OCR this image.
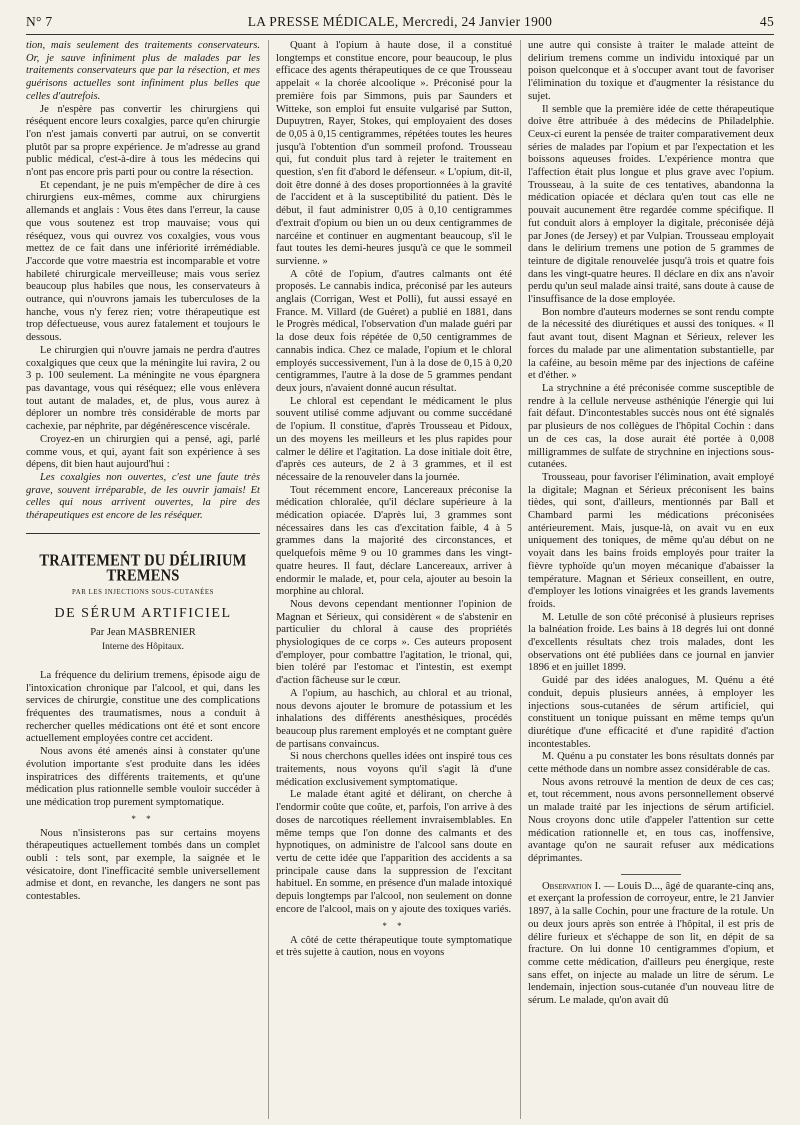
N° 7	LA PRESSE MÉDICALE, Mercredi, 24 Janvier 1900	45

tion, mais seulement des traitements conservateurs. Or, je sauve infiniment plus de malades par les traitements conservateurs que par la résection, et mes guérisons actuelles sont infiniment plus belles que celles d'autrefois.

Je n'espère pas convertir les chirurgiens qui réséquent encore leurs coxalgies, parce qu'en chirurgie l'on n'est jamais converti par autrui, on se convertit plutôt par sa propre expérience. Je m'adresse au grand public médical, c'est-à-dire à tous les médecins qui n'ont pas encore pris parti pour ou contre la résection.

Et cependant, je ne puis m'empêcher de dire à ces chirurgiens eux-mêmes, comme aux chirurgiens allemands et anglais : Vous êtes dans l'erreur, la cause que vous soutenez est trop mauvaise; vous qui réséquez, vous qui ouvrez vos coxalgies, vous vous mettez de ce fait dans une infériorité irrémédiable. J'accorde que votre maestria est incomparable et votre habileté chirurgicale merveilleuse; mais vous seriez beaucoup plus habiles que nous, les conservateurs à outrance, qui n'ouvrons jamais les tuberculoses de la hanche, vous n'y ferez rien; votre thérapeutique est trop défectueuse, vous aurez fatalement et toujours le dessous.

Le chirurgien qui n'ouvre jamais ne perdra d'autres coxalgiques que ceux que la méningite lui ravira, 2 ou 3 p. 100 seulement. La méningite ne vous épargnera pas davantage, vous qui réséquez; elle vous enlèvera tout autant de malades, et, de plus, vous aurez à déplorer un nombre très considérable de morts par cachexie, par néphrite, par dégénérescence viscérale.

Croyez-en un chirurgien qui a pensé, agi, parlé comme vous, et qui, ayant fait son expérience à ses dépens, dit bien haut aujourd'hui :

Les coxalgies non ouvertes, c'est une faute très grave, souvent irréparable, de les ouvrir jamais! Et celles qui nous arrivent ouvertes, la pire des thérapeutiques est encore de les réséquer.

TRAITEMENT DU DÉLIRIUM TREMENS
PAR LES INJECTIONS SOUS-CUTANÉES
DE SÉRUM ARTIFICIEL
Par Jean MASBRENIER
Interne des Hôpitaux.

La fréquence du delirium tremens, épisode aigu de l'intoxication chronique par l'alcool, et qui, dans les services de chirurgie, constitue une des complications fréquentes des traumatismes, nous a conduit à rechercher quelles médications ont été et sont encore actuellement employées contre cet accident.

Nous avons été amenés ainsi à constater qu'une évolution importante s'est produite dans les idées inspiratrices des différents traitements, et qu'une médication plus rationnelle semble vouloir succéder à une médication trop purement symptomatique.

* *

Nous n'insisterons pas sur certains moyens thérapeutiques actuellement tombés dans un complet oubli : tels sont, par exemple, la saignée et le vésicatoire, dont l'inefficacité semble universellement admise et dont, en revanche, les dangers ne sont pas contestables.

Quant à l'opium à haute dose, il a constitué longtemps et constitue encore, pour beaucoup, le plus efficace des agents thérapeutiques de ce que Trousseau appelait « la chorée alcoolique ». Préconisé pour la première fois par Simmons, puis par Saunders et Witteke, son emploi fut ensuite vulgarisé par Sutton, Dupuytren, Rayer, Stokes, qui employaient des doses de 0,05 à 0,15 centigrammes, répétées toutes les heures jusqu'à l'obtention d'un sommeil profond. Trousseau qui, fut conduit plus tard à rejeter le traitement en question, s'en fit d'abord le défenseur. « L'opium, dit-il, doit être donné à des doses proportionnées à la gravité de l'accident et à la susceptibilité du patient. Dès le début, il faut administrer 0,05 à 0,10 centigrammes d'extrait d'opium ou bien un ou deux centigrammes de narcéine et continuer en augmentant beaucoup, s'il le faut toutes les demi-heures jusqu'à ce que le sommeil survienne. »

A côté de l'opium, d'autres calmants ont été proposés. Le cannabis indica, préconisé par les auteurs anglais (Corrigan, West et Polli), fut aussi essayé en France. M. Villard (de Guéret) a publié en 1881, dans le Progrès médical, l'observation d'un malade guéri par la dose deux fois répétée de 0,50 centigrammes de cannabis indica. Chez ce malade, l'opium et le chloral employés successivement, l'un à la dose de 0,15 à 0,20 centigrammes, l'autre à la dose de 5 grammes pendant deux jours, n'avaient donné aucun résultat.

Le chloral est cependant le médicament le plus souvent utilisé comme adjuvant ou comme succédané de l'opium. Il constitue, d'après Trousseau et Pidoux, un des moyens les meilleurs et les plus rapides pour calmer le délire et l'agitation. La dose initiale doit être, d'après ces auteurs, de 2 à 3 grammes, et il est nécessaire de la renouveler dans la journée.

Tout récemment encore, Lancereaux préconise la médication chloralée, qu'il déclare supérieure à la médication opiacée. D'après lui, 3 grammes sont nécessaires dans les cas d'excitation faible, 4 à 5 grammes dans la majorité des circonstances, et quelquefois même 9 ou 10 grammes dans les vingt-quatre heures. Il faut, déclare Lancereaux, arriver à endormir le malade, et, pour cela, ajouter au besoin la morphine au chloral.

Nous devons cependant mentionner l'opinion de Magnan et Sérieux, qui considèrent « de s'abstenir en particulier du chloral à cause des propriétés physiologiques de ce corps ». Ces auteurs proposent d'employer, pour combattre l'agitation, le trional, qui, bien toléré par l'estomac et l'intestin, est exempt d'action fâcheuse sur le cœur.

A l'opium, au haschich, au chloral et au trional, nous devons ajouter le bromure de potassium et les inhalations des différents anesthésiques, procédés beaucoup plus rarement employés et ne comptant guère de partisans convaincus.

Si nous cherchons quelles idées ont inspiré tous ces traitements, nous voyons qu'il s'agit là d'une médication exclusivement symptomatique.

Le malade étant agité et délirant, on cherche à l'endormir coûte que coûte, et, parfois, l'on arrive à des doses de narcotiques réellement invraisemblables. En même temps que l'on donne des calmants et des hypnotiques, on administre de l'alcool sans doute en vertu de cette idée que l'apparition des accidents a sa principale cause dans la suppression de l'excitant habituel. En somme, en présence d'un malade intoxiqué depuis longtemps par l'alcool, non seulement on donne encore de l'alcool, mais on y ajoute des toxiques variés.

* *

A côté de cette thérapeutique toute symptomatique et très sujette à caution, nous en voyons

une autre qui consiste à traiter le malade atteint de delirium tremens comme un individu intoxiqué par un poison quelconque et à s'occuper avant tout de favoriser l'élimination du toxique et d'augmenter la résistance du sujet.

Il semble que la première idée de cette thérapeutique doive être attribuée à des médecins de Philadelphie. Ceux-ci eurent la pensée de traiter comparativement deux séries de malades par l'opium et par l'expectation et les boissons aqueuses froides. L'expérience montra que l'affection était plus longue et plus grave avec l'opium. Trousseau, à la suite de ces tentatives, abandonna la médication opiacée et déclara qu'en tout cas elle ne pouvait aucunement être regardée comme spécifique. Il fut conduit alors à employer la digitale, préconisée déjà par Jones (de Jersey) et par Vulpian. Trousseau employait dans le delirium tremens une potion de 5 grammes de teinture de digitale renouvelée jusqu'à trois et quatre fois dans les vingt-quatre heures. Il déclare en dix ans n'avoir perdu qu'un seul malade ainsi traité, sans doute à cause de l'insuffisance de la dose employée.

Bon nombre d'auteurs modernes se sont rendu compte de la nécessité des diurétiques et aussi des toniques. « Il faut avant tout, disent Magnan et Sérieux, relever les forces du malade par une alimentation substantielle, par la caféine, au besoin même par des injections de caféine et d'éther. »

La strychnine a été préconisée comme susceptible de rendre à la cellule nerveuse asthéniqúe l'énergie qui lui fait défaut. D'incontestables succès nous ont été signalés par plusieurs de nos collègues de l'hôpital Cochin : dans un de ces cas, la dose aurait été portée à 0,008 milligrammes de sulfate de strychnine en injections sous-cutanées.

Trousseau, pour favoriser l'élimination, avait employé la digitale; Magnan et Sérieux préconisent les bains tièdes, qui sont, d'ailleurs, mentionnés par Ball et Chambard parmi les médications préconisées antérieurement. Mais, jusque-là, on avait vu en eux uniquement des toniques, de même qu'au début on ne voyait dans les bains froids employés pour traiter la fièvre typhoïde qu'un moyen mécanique d'abaisser la température. Magnan et Sérieux conseillent, en outre, d'employer les lotions vinaigrées et les grands lavements froids.

M. Letulle de son côté préconisé à plusieurs reprises la balnéation froide. Les bains à 18 degrés lui ont donné d'excellents résultats chez trois malades, dont les observations ont été publiées dans ce journal en janvier 1896 et en juillet 1899.

Guidé par des idées analogues, M. Quénu a été conduit, depuis plusieurs années, à employer les injections sous-cutanées de sérum artificiel, qui constituent un tonique puissant en même temps qu'un diurétique d'une efficacité et d'une rapidité d'action incontestables.

M. Quénu a pu constater les bons résultats donnés par cette méthode dans un nombre assez considérable de cas.

Nous avons retrouvé la mention de deux de ces cas; et, tout récemment, nous avons personnellement observé un malade traité par les injections de sérum artificiel. Nous croyons donc utile d'appeler l'attention sur cette médication rationnelle et, en tous cas, inoffensive, avantage qu'on ne saurait refuser aux médications déprimantes.

Observation I. — Louis D..., âgé de quarante-cinq ans, et exerçant la profession de corroyeur, entre, le 21 Janvier 1897, à la salle Cochin, pour une fracture de la rotule. Un ou deux jours après son entrée à l'hôpital, il est pris de délire furieux et s'échappe de son lit, en dépit de sa fracture. On lui donne 10 centigrammes d'opium, et comme cette médication, d'ailleurs peu énergique, reste sans effet, on injecte au malade un litre de sérum. Le lendemain, injection sous-cutanée d'un nouveau litre de sérum. Le malade, qu'on avait dû
